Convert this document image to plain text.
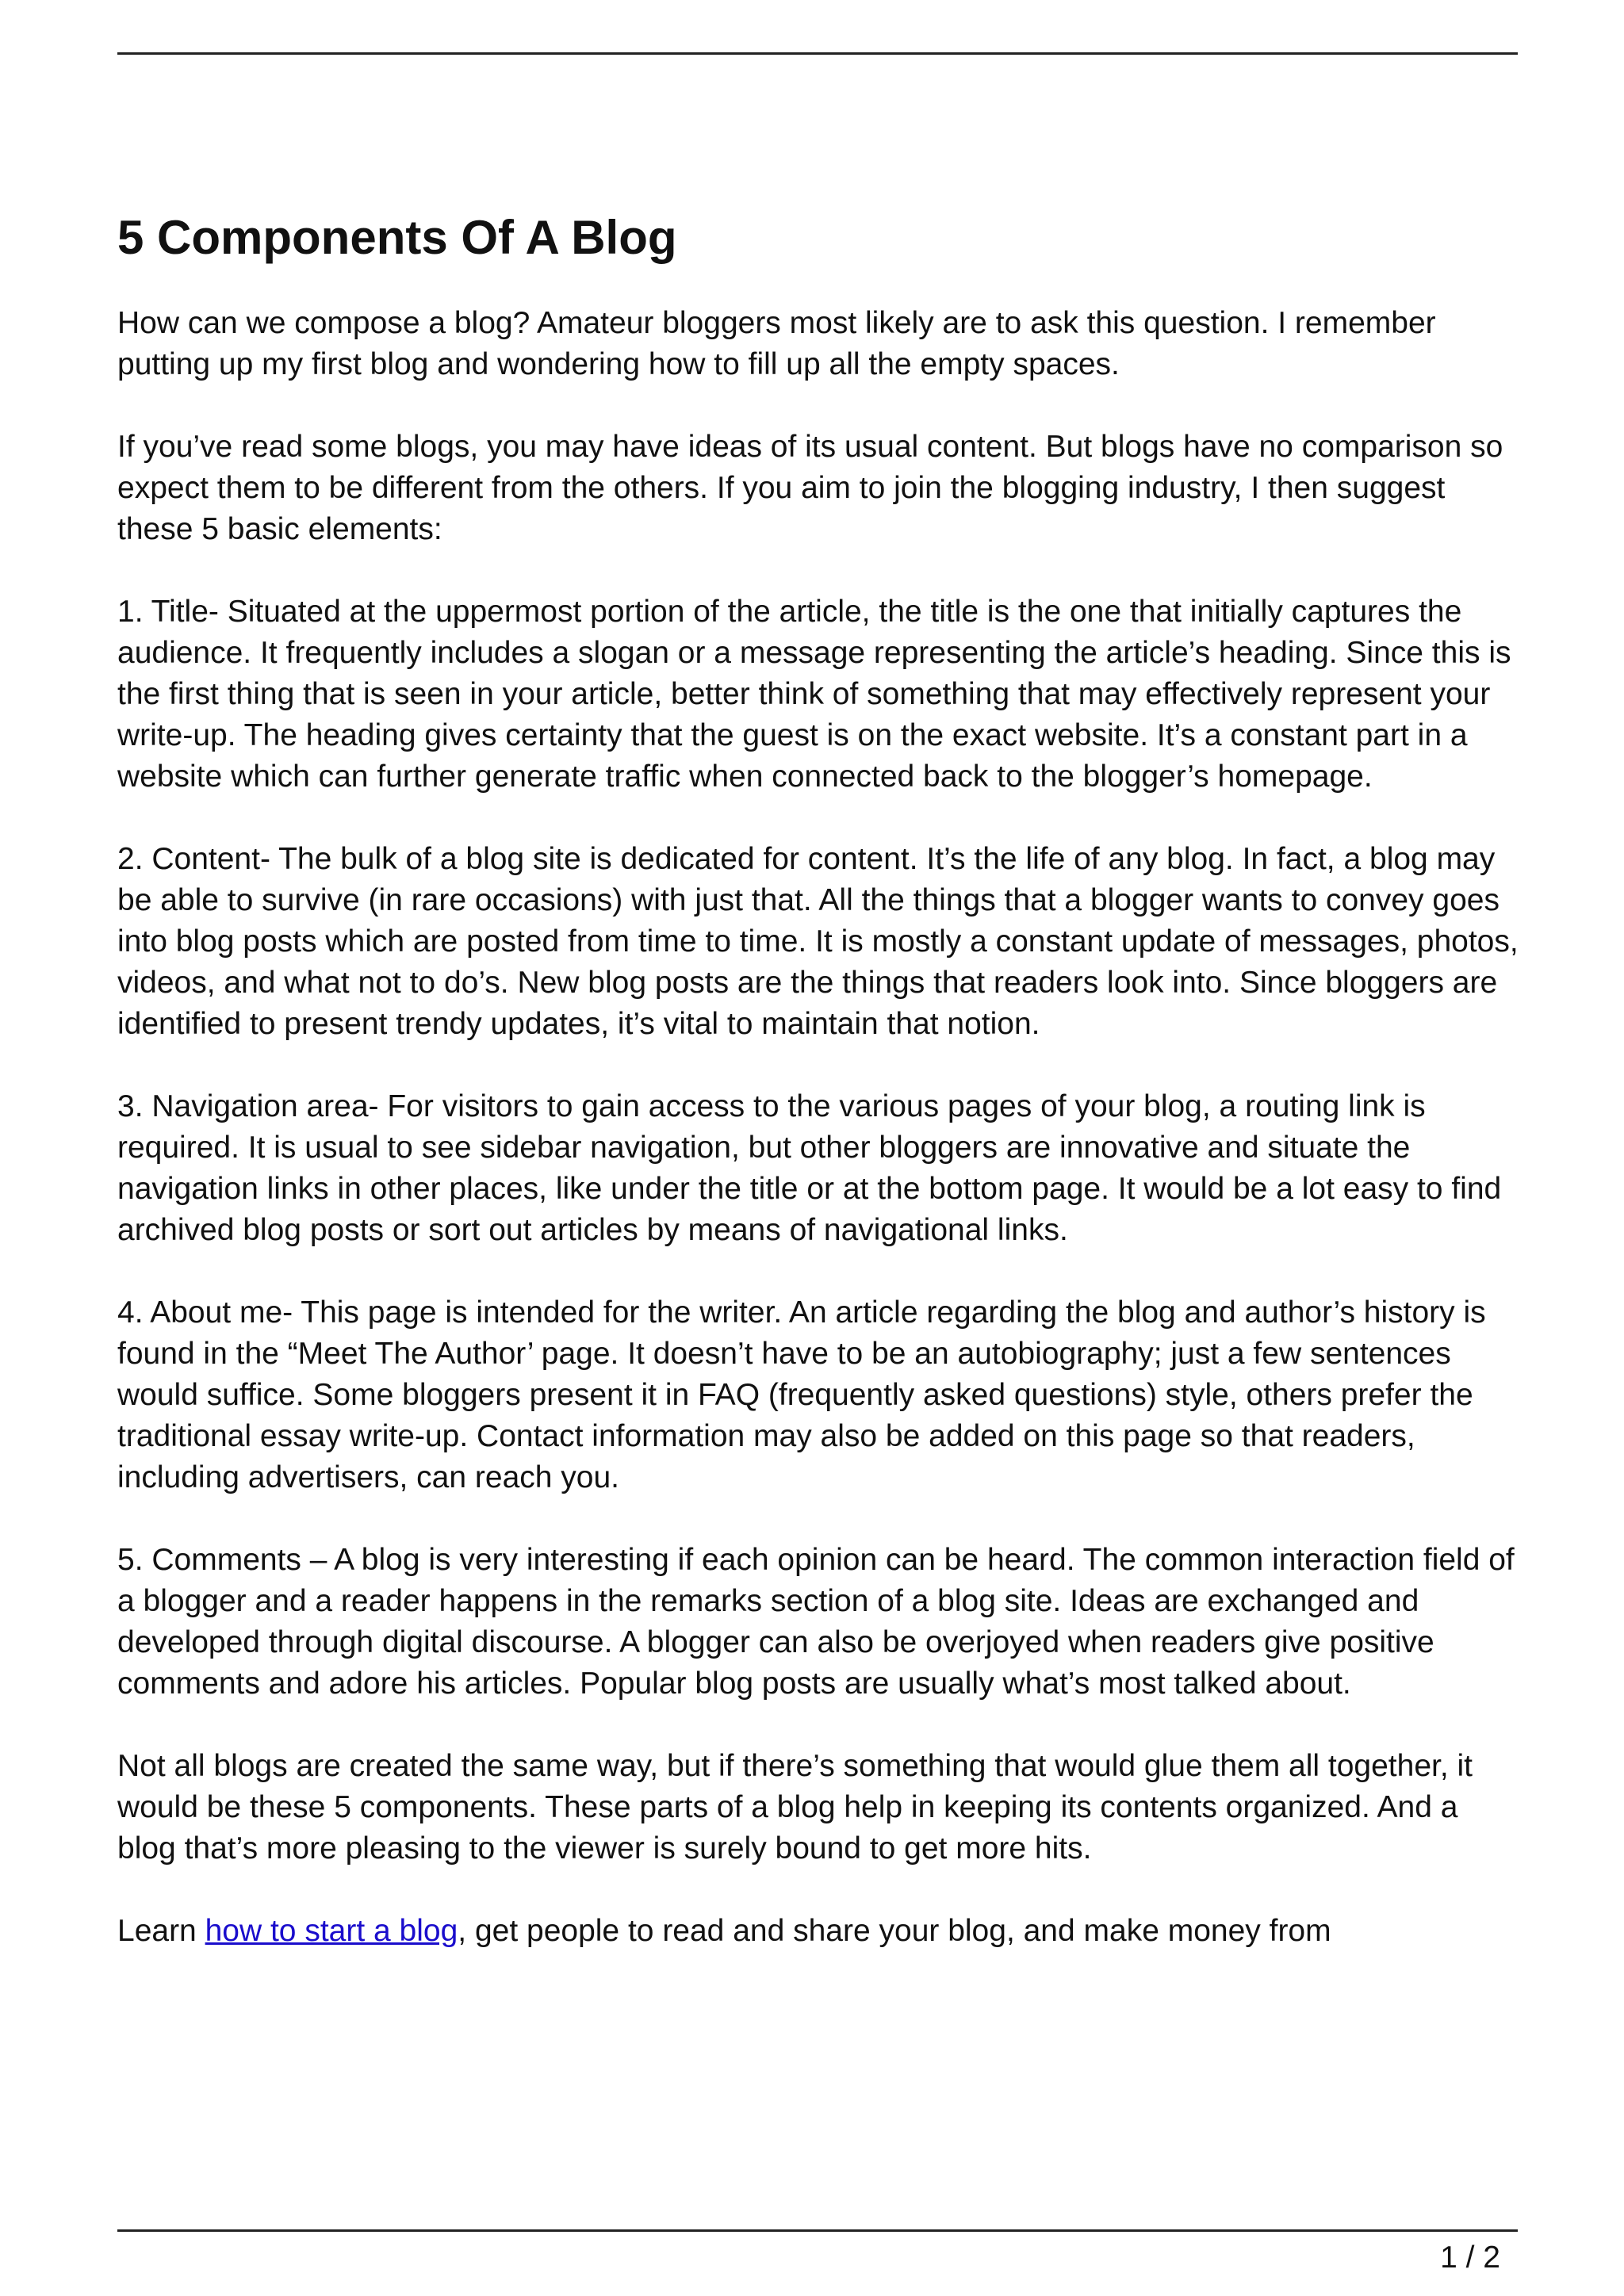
5 Components Of A Blog

How can we compose a blog? Amateur bloggers most likely are to ask this question. I remember putting up my first blog and wondering how to fill up all the empty spaces.

If you’ve read some blogs, you may have ideas of its usual content. But blogs have no comparison so expect them to be different from the others. If you aim to join the blogging industry, I then suggest these 5 basic elements:

1. Title- Situated at the uppermost portion of the article, the title is the one that initially captures the audience. It frequently includes a slogan or a message representing the article’s heading. Since this is the first thing that is seen in your article, better think of something that may effectively represent your write-up. The heading gives certainty that the guest is on the exact website. It’s a constant part in a website which can further generate traffic when connected back to the blogger’s homepage.

2. Content- The bulk of a blog site is dedicated for content. It’s the life of any blog. In fact, a blog may be able to survive (in rare occasions) with just that. All the things that a blogger wants to convey goes into blog posts which are posted from time to time. It is mostly a constant update of messages, photos, videos, and what not to do’s. New blog posts are the things that readers look into. Since bloggers are identified to present trendy updates, it’s vital to maintain that notion.

3. Navigation area- For visitors to gain access to the various pages of your blog, a routing link is required. It is usual to see sidebar navigation, but other bloggers are innovative and situate the navigation links in other places, like under the title or at the bottom page. It would be a lot easy to find archived blog posts or sort out articles by means of navigational links.

4. About me- This page is intended for the writer. An article regarding the blog and author’s history is found in the “Meet The Author’ page. It doesn’t have to be an autobiography; just a few sentences would suffice. Some bloggers present it in FAQ (frequently asked questions) style, others prefer the traditional essay write-up. Contact information may also be added on this page so that readers, including advertisers, can reach you.

5. Comments – A blog is very interesting if each opinion can be heard. The common interaction field of a blogger and a reader happens in the remarks section of a blog site. Ideas are exchanged and developed through digital discourse. A blogger can also be overjoyed when readers give positive comments and adore his articles. Popular blog posts are usually what’s most talked about.

Not all blogs are created the same way, but if there’s something that would glue them all together, it would be these 5 components. These parts of a blog help in keeping its contents organized. And a blog that’s more pleasing to the viewer is surely bound to get more hits.

Learn how to start a blog, get people to read and share your blog, and make money from

1 / 2
